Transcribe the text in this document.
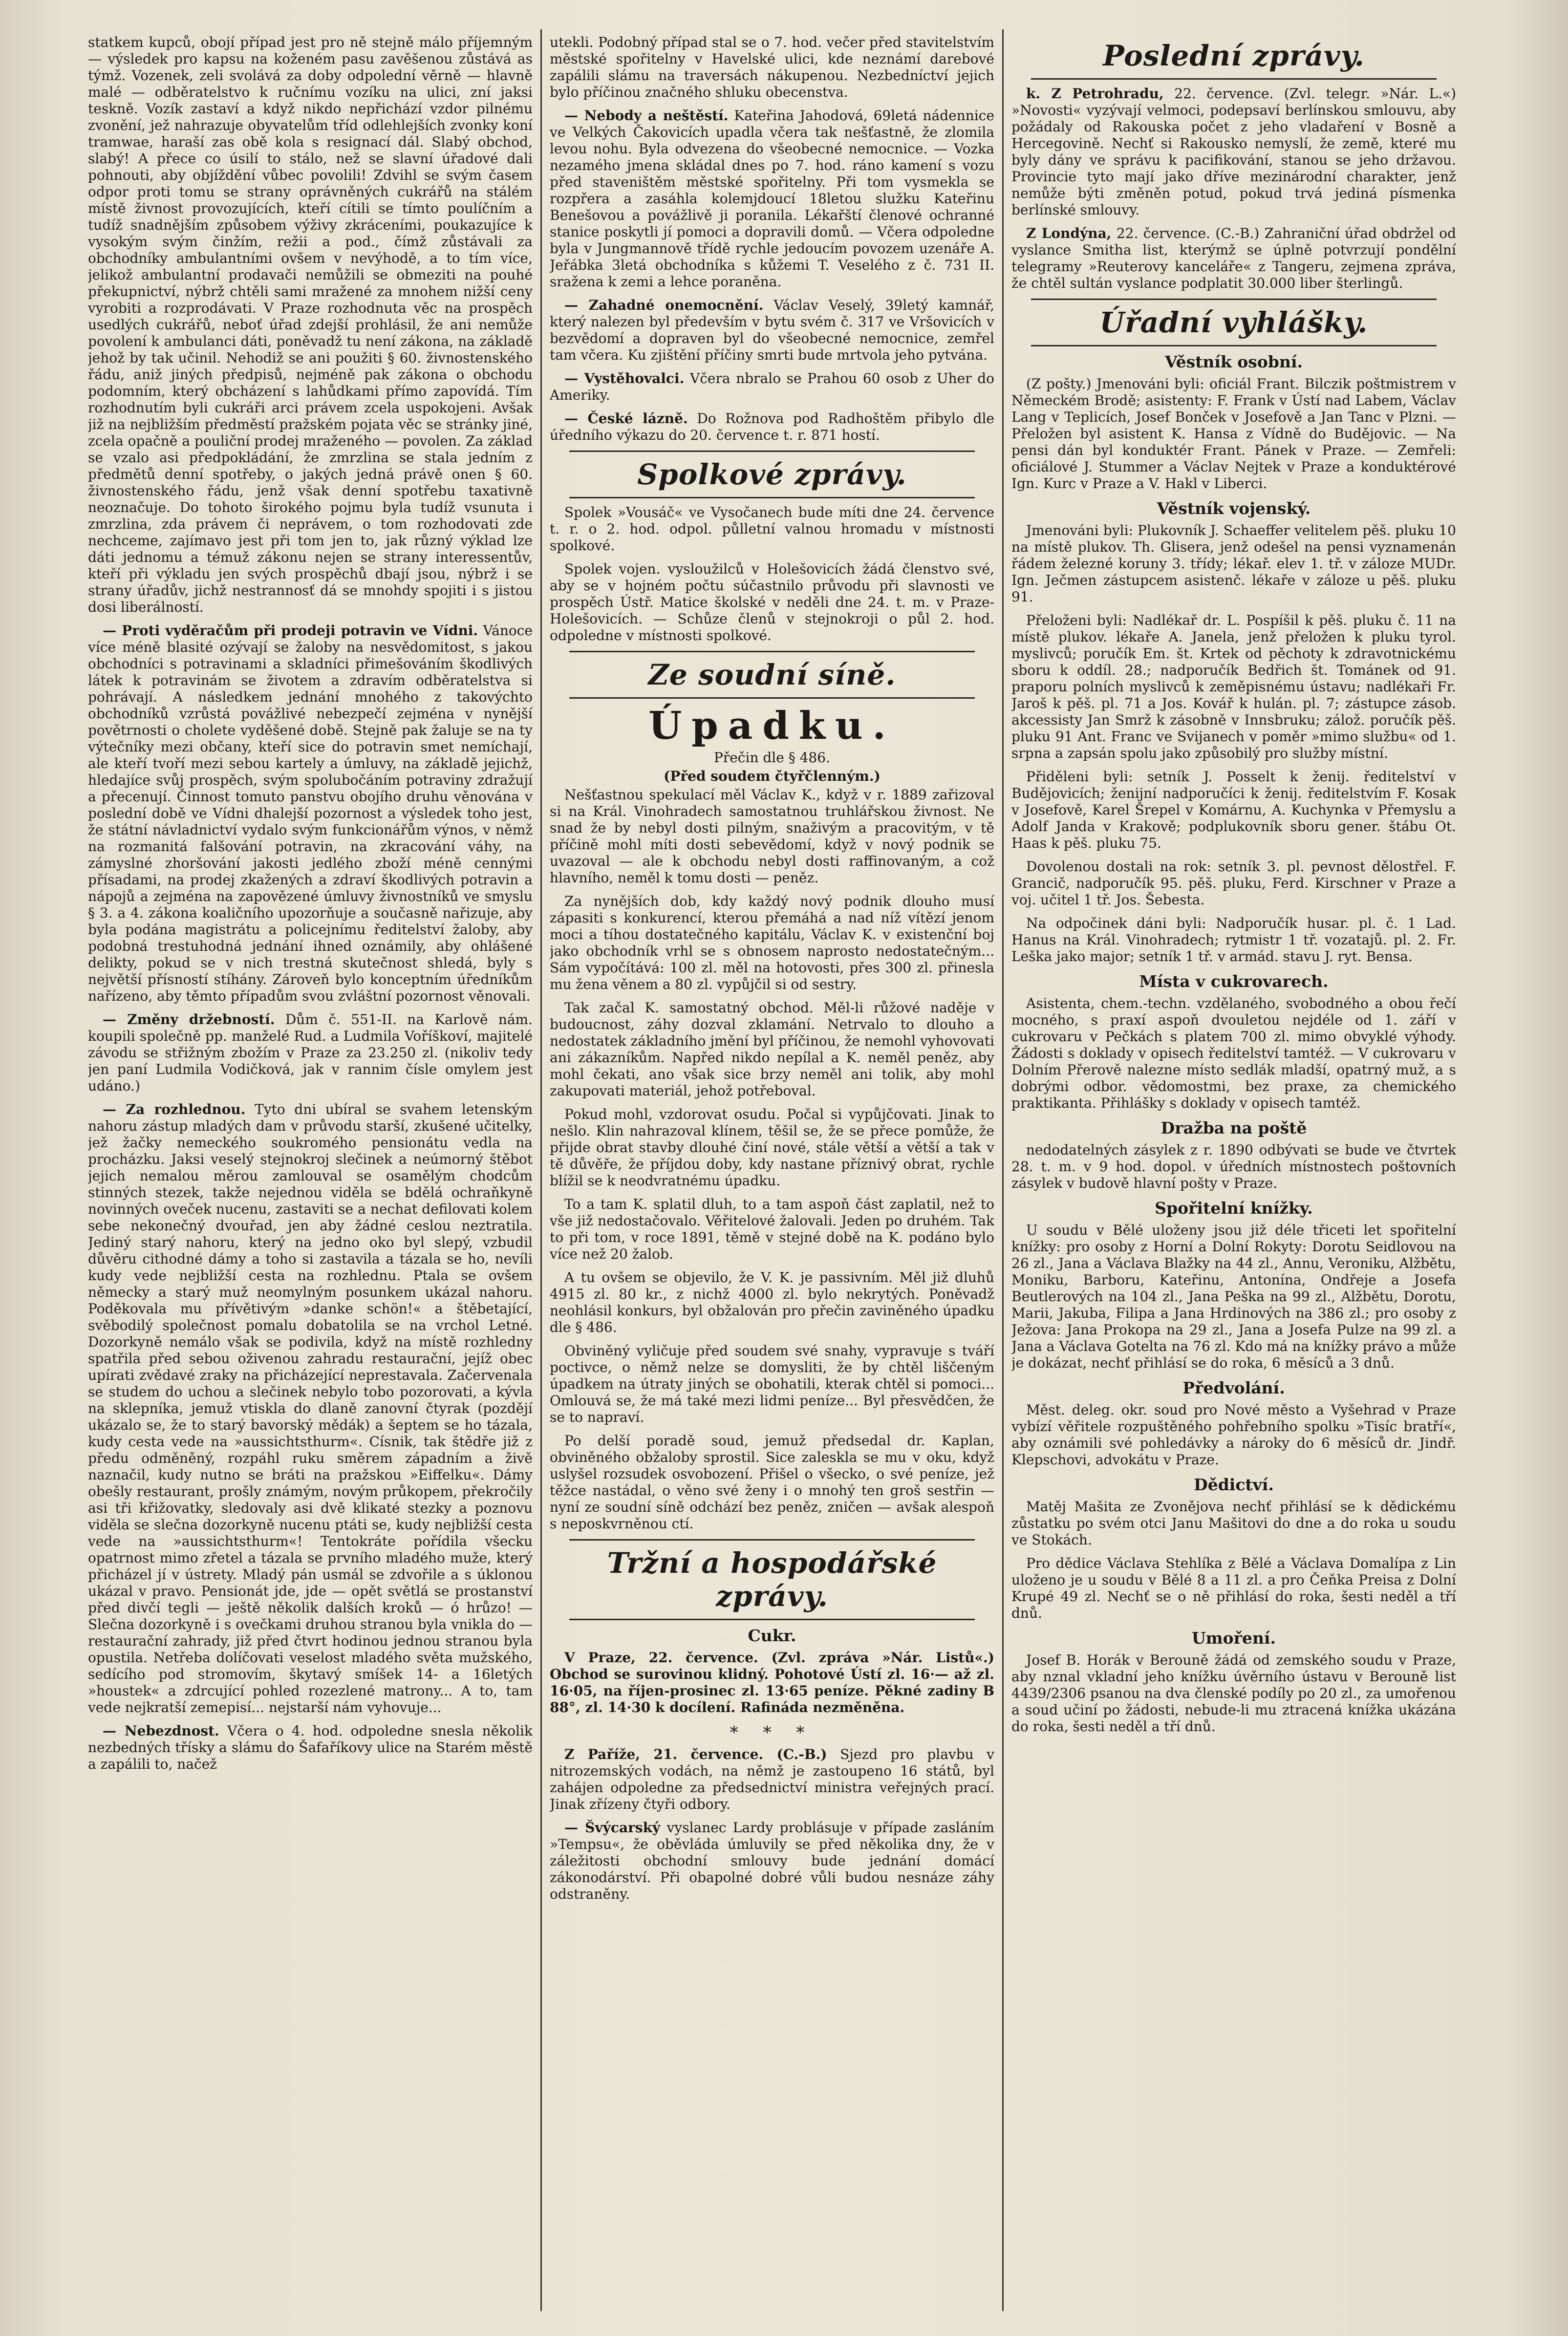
statkem kupců, obojí případ jest pro ně stejně málo příjemným — výsledek pro kapsu na koženém pasu zavěšenou zůstává as týmž. Vozenek, zeli svolává za doby odpolední věrně — hlavně malé — odběratelstvo k ručnímu vozíku na ulici, zní jaksi teskně. Vozík zastaví a když nikdo nepřichází vzdor pilnému zvonění, jež nahrazuje obyvatelům tříd odlehlejších zvonky koní tramwae, haraší zas obě kola s resignací dál. Slabý obchod, slabý! A přece co úsilí to stálo, než se slavní úřadové dali pohnouti, aby objíždění vůbec povolili! Zdvihl se svým časem odpor proti tomu se strany oprávněných cukrářů na stálém místě živnost provozujících, kteří cítili se tímto poulíčním a tudíž snadnějším způsobem výživy zkráceními, poukazujíce k vysokým svým činžím, režii a pod., čímž zůstávali za obchodníky ambulantními ovšem v nevýhodě, a to tím více, jelikož ambulantní prodavači nemůžili se obmeziti na pouhé překupnictví, nýbrž chtěli sami mražené za mnohem nižší ceny vyrobiti a rozprodávati. V Praze rozhodnuta věc na prospěch usedlých cukrářů, neboť úřad zdejší prohlásil, že ani nemůže povolení k ambulanci dáti, poněvadž tu není zákona, na základě jehož by tak učinil. Nehodiž se ani použiti § 60. živnostenského řádu, aniž jiných předpisů, nejméně pak zákona o obchodu podomním, který obcházení s lahůdkami přímo zapovídá. Tím rozhodnutím byli cukráři arci právem zcela uspokojeni. Avšak již na nejbližším předměstí pražském pojata věc se stránky jiné, zcela opačně a pouliční prodej mraženého — povolen. Za základ se vzalo asi předpokládání, že zmrzlina se stala jedním z předmětů denní spotřeby, o jakých jedná právě onen § 60. živnostenského řádu, jenž však denní spotřebu taxativně neoznačuje. Do tohoto širokého pojmu byla tudíž vsunuta i zmrzlina, zda právem či neprávem, o tom rozhodovati zde nechceme, zajímavo jest při tom jen to, jak různý výklad lze dáti jednomu a témuž zákonu nejen se strany interessentův, kteří při výkladu jen svých prospěchů dbají jsou, nýbrž i se strany úřadův, jichž nestrannosť dá se mnohdy spojiti i s jistou dosi liberálností.

— Proti vyděračům při prodeji potravin ve Vídni. Vánoce více méně blasité ozývají se žaloby na nesvědomitost, s jakou obchodníci s potravinami a skladníci přimešováním škodlivých látek k potravinám se životem a zdravím odběratelstva si pohrávají. A následkem jednání mnohého z takovýchto obchodníků vzrůstá povážlivé nebezpečí zejména v nynější povětrnosti o cholete vyděšené době. Stejně pak žaluje se na ty výtečníky mezi občany, kteří sice do potravin smet nemíchají, ale kteří tvoří mezi sebou kartely a úmluvy, na základě jejichž, hledajíce svůj prospěch, svým spolubočáním potraviny zdražují a přecenují. Činnost tomuto panstvu obojího druhu věnována v poslední době ve Vídni dhalejší pozornost a výsledek toho jest, že státní návladnictví vydalo svým funkcionářům výnos, v němž na rozmanitá falšování potravin, na zkracování váhy, na zámyslné zhoršování jakosti jedlého zboží méně cennými přísadami, na prodej zkažených a zdraví škodlivých potravin a nápojů a zejména na zapovězené úmluvy živnostníků ve smyslu § 3. a 4. zákona koaličního upozorňuje a současně nařizuje, aby byla podána magistrátu a policejnímu ředitelství žaloby, aby podobná trestuhodná jednání ihned oznámily, aby ohlášené delikty, pokud se v nich trestná skutečnost shledá, byly s největší přísností stíhány. Zároveň bylo konceptním úředníkům nařízeno, aby těmto případům svou zvláštní pozornost věnovali.

— Změny držebností. Dům č. 551-II. na Karlově nám. koupili společně pp. manželé Rud. a Ludmila Voříškoví, majitelé závodu se střižným zbožím v Praze za 23.250 zl. (nikoliv tedy jen paní Ludmila Vodičková, jak v rannim čísle omylem jest udáno.)

— Za rozhlednou. Tyto dni ubíral se svahem letenským nahoru zástup mladých dam v průvodu starší, zkušené učitelky, jež žačky nemeckého soukromého pensionátu vedla na procházku. Jaksi veselý stejnokroj slečinek a neúmorný štěbot jejich nemalou měrou zamlouval se osamělým chodcům stinných stezek, takže nejednou vidělа se bdělá ochraňkyně novinných oveček nucenu, zastaviti se a nechat defilovati kolem sebe nekonečný dvouřad, jen aby žádné ceslou neztratila. Jediný starý nahoru, který na jedno oko byl slepý, vzbudil důvěru cithodné dámy a toho si zastavila a tázala se ho, nevíli kudy vede nejbližší cesta na rozhlednu. Ptala se ovšem německy a starý muž neomylným posunkem ukázal nahoru. Poděkovala mu přívětivým »danke schön!« a štěbetající, svěbodilý společnost pomalu dobatolila se na vrchol Letné. Dozorkyně nemálo však se podivila, když na místě rozhledny spatřila před sebou oživenou zahradu restaurační, jejíž obec upírati zvědavé zraky na přicházející neprestavala. Začervenala se studem do uchou a slečinek nebylo tobo pozorovati, a kývla na sklepníka, jemuž vtiskla do dlaně zanovní čtyrak (pozdějí ukázalo se, že to starý bavorský mědák) a šeptem se ho tázala, kudy cesta vede na »aussichtsthurm«. Císnik, tak štědře již z předu odměněný, rozpáhl ruku směrem západním a živě naznačil, kudy nutno se bráti na pražskou »Eiffelku«. Dámy obešly restaurant, prošly známým, novým průkopem, překročily asi tři křižovatky, sledovaly asi dvě klikaté stezky a poznovu viděla se slečna dozorkyně nucenu ptáti se, kudy nejbližší cesta vede na »aussichtsthurm«! Tentokráte pořídila všecku opatrnost mimo zřetel a tázala se prvního mladého muže, který přicházel jí v ústrety. Mladý pán usmál se zdvořile a s úklonou ukázal v pravo. Pensionát jde, jde — opět světlá se prostanství před divčí tegli — ještě několik dalších kroků — ó hrůzo! — Slečna dozorkyně i s ovečkami druhou stranou byla vnikla do — restaurační zahrady, již před čtvrt hodinou jednou stranou byla opustila. Netřeba dolíčovati veselost mladého světa mužského, sedícího pod stromovím, škytavý smíšek 14- a 16letých »houstek« a zdrcující pohled rozezlené matrony... A to, tam vede nejkratší zemepisí... nejstarší nám vyhovuje...

— Nebezdnost. Včera o 4. hod. odpoledne snesla několik nezbedných třísky a slámu do Šafaříkovy ulice na Starém městě a zapálili to, načež

utekli. Podobný případ stal se o 7. hod. večer před stavitelstvím městské spořitelny v Havelské ulici, kde neznámí darebové zapálili slámu na traversách nákupenou. Nezbedníctví jejich bylo příčinou značného shluku obecenstva.

— Nebody a neštěstí. Kateřina Jahodová, 69letá nádennice ve Velkých Čakovicích upadla včera tak nešťastně, že zlomila levou nohu. Byla odvezena do všeobecné nemocnice. — Vozka nezamého jmena skládal dnes po 7. hod. ráno kamení s vozu před staveništěm městské spořitelny. Při tom vysmekla se rozpřera a zasáhla kolemjdoucí 18letou služku Kateřinu Benešovou a povážlivě ji poranila. Lékařští členové ochranné stanice poskytli jí pomoci a dopravili domů. — Včera odpoledne byla v Jungmannově třídě rychle jedoucím povozem uzenáře A. Jeřábka 3letá obchodníka s kůžemi T. Veselého z č. 731 II. sražena k zemi a lehce poraněna.

— Zahadné onemocnění. Václav Veselý, 39letý kamnář, který nalezen byl především v bytu svém č. 317 ve Vršovicích v bezvědomí a dopraven byl do všeobecné nemocnice, zemřel tam včera. Ku zjištění příčiny smrti bude mrtvola jeho pytvána.

— Vystěhovalci. Včera nbralo se Prahou 60 osob z Uher do Ameriky.

— České lázně. Do Rožnova pod Radhoštěm přibylo dle úředního výkazu do 20. července t. r. 871 hostí.

Spolkové zprávy.

Spolek »Vousáč« ve Vysočanech bude míti dne 24. července t. r. o 2. hod. odpol. půlletní valnou hromadu v místnosti spolkové.

Spolek vojen. vysloužilců v Holešovicích žádá členstvo své, aby se v hojném počtu súčastnilo průvodu při slavnosti ve prospěch Ústř. Matice školské v neděli dne 24. t. m. v Praze-Holešovicích. — Schůze členů v stejnokroji o půl 2. hod. odpoledne v místnosti spolkové.

Ze soudní síně.
Úpadku.

Přečin dle § 486.

(Před soudem čtyřčlenným.)

Nešťastnou spekulací měl Václav K., když v r. 1889 zařizoval si na Král. Vinohradech samostatnou truhlářskou živnost. Ne snad že by nebyl dosti pilným, snaživým a pracovitým, v tě příčině mohl míti dosti sebevědomí, když v nový podnik se uvazoval — ale k obchodu nebyl dosti raffinovaným, a což hlavního, neměl k tomu dosti — peněz.

Za nynějších dob, kdy každý nový podnik dlouho musí zápasiti s konkurencí, kterou přemáhá a nad níž vítězí jenom moci a tíhou dostatečného kapitálu, Václav K. v existenční boj jako obchodník vrhl se s obnosem naprosto nedostatečným... Sám vypočítává: 100 zl. měl na hotovosti, přes 300 zl. přinesla mu žena věnem a 80 zl. vypůjčil si od sestry.

Tak začal K. samostatný obchod. Měl-li růžové naděje v budoucnost, záhy dozval zklamání. Netrvalo to dlouho a nedostatek základního jmění byl příčinou, že nemohl vyhovovati ani zákazníkům. Napřed nikdo nepílal a K. neměl peněz, aby mohl čekati, ano však sice brzy neměl ani tolik, aby mohl zakupovati materiál, jehož potřeboval.

Pokud mohl, vzdorovat osudu. Počal si vypůjčovati. Jinak to nešlo. Klin nahrazoval klínem, těšil se, že se přece pomůže, že přijde obrat stavby dlouhé činí nové, stále větší a větší a tak v tě důvěře, že příjdou doby, kdy nastane příznivý obrat, rychle blížil se k neodvratnému úpadku.

To a tam K. splatil dluh, to a tam aspoň část zaplatil, než to vše již nedostačovalo. Věřitelové žalovali. Jeden po druhém. Tak to při tom, v roce 1891, těmě v stejné době na K. podáno bylo více než 20 žalob.

A tu ovšem se objevilo, že V. K. je passivním. Měl již dluhů 4915 zl. 80 kr., z nichž 4000 zl. bylo nekrytých. Poněvadž neohlásil konkurs, byl obžalován pro přečin zaviněného úpadku dle § 486.

Obviněný vyličuje před soudem své snahy, vypravuje s tváří poctivce, o němž nelze se domysliti, že by chtěl liščeným úpadkem na útraty jiných se obohatili, kterak chtěl si pomoci... Omlouvá se, že má také mezi lidmi peníze... Byl přesvědčen, že se to napraví.

Po delší poradě soud, jemuž předsedal dr. Kaplan, obviněného obžaloby sprostil. Sice zaleskla se mu v oku, když uslyšel rozsudek osvobození. Přišel o všecko, o své peníze, jež těžce nastádal, o věno své ženy i o mnohý ten groš sestřin — nyní ze soudní síně odchází bez peněz, zničen — avšak alespoň s neposkvrněnou ctí.

Tržní a hospodářské zprávy.
Cukr.

V Praze, 22. července. (Zvl. zpráva »Nár. Listů«.) Obchod se surovinou klidný. Pohotové Ústí zl. 16·— až zl. 16·05, na říjen-prosinec zl. 13·65 peníze. Pěkné zadiny B 88°, zl. 14·30 k docílení. Rafináda nezměněna.

* * *

Z Paříže, 21. července. (C.-B.) Sjezd pro plavbu v nitrozemských vodách, na němž je zastoupeno 16 států, byl zahájen odpoledne za předsednictví ministra veřejných prací. Jinak zřízeny čtyři odbory.

— Švýcarský vyslanec Lardy problásuje v případe zasláním »Tempsu«, že oběvláda úmluvily se před několika dny, že v záležitosti obchodní smlouvy bude jednání domácí zákonodárství. Při obapolné dobré vůli budou nesnáze záhy odstraněny.

Poslední zprávy.

k. Z Petrohradu, 22. července. (Zvl. telegr. »Nár. L.«) »Novosti« vyzývají velmoci, podepsaví berlínskou smlouvu, aby požádaly od Rakouska počet z jeho vladaření v Bosně a Hercegovině. Nechť si Rakousko nemyslí, že země, které mu byly dány ve správu k pacifikování, stanou se jeho državou. Provincie tyto mají jako dříve mezinárodní charakter, jenž nemůže býti změněn potud, pokud trvá jediná písmenka berlínské smlouvy.

Z Londýna, 22. července. (C.-B.) Zahraniční úřad obdržel od vyslance Smitha list, kterýmž se úplně potvrzují pondělní telegramy »Reuterovy kanceláře« z Tangeru, zejmena zpráva, že chtěl sultán vyslance podplatit 30.000 liber šterlingů.

Úřadní vyhlášky.
Věstník osobní.

(Z pošty.) Jmenováni byli: oficiál Frant. Bilczik poštmistrem v Německém Brodě; asistenty: F. Frank v Ústí nad Labem, Václav Lang v Teplicích, Josef Bonček v Josefově a Jan Tanc v Plzni. — Přeložen byl asistent K. Hansa z Vídně do Budějovic. — Na pensi dán byl konduktér Frant. Pánek v Praze. — Zemřeli: oficiálové J. Stummer a Václav Nejtek v Praze a konduktérové Ign. Kurc v Praze a V. Hakl v Liberci.

Věstník vojenský.

Jmenováni byli: Plukovník J. Schaeffer velitelem pěš. pluku 10 na místě plukov. Th. Glisera, jenž odešel na pensi vyznamenán řádem železné koruny 3. třídy; lékař. elev 1. tř. v záloze MUDr. Ign. Ječmen zástupcem asistenč. lékaře v záloze u pěš. pluku 91.

Přeloženi byli: Nadlékař dr. L. Pospíšil k pěš. pluku č. 11 na místě plukov. lékaře A. Janela, jenž přeložen k pluku tyrol. myslivců; poručík Em. št. Krtek od pěchoty k zdravotnickému sboru k oddíl. 28.; nadporučík Bedřich št. Tománek od 91. praporu polních myslivců k zeměpisnému ústavu; nadlékaři Fr. Jaroš k pěš. pl. 71 a Jos. Kovář k hulán. pl. 7; zástupce zásob. akcessisty Jan Smrž k zásobně v Innsbruku; zálož. poručík pěš. pluku 91 Ant. Franc ve Svijanech v poměr »mimo službu« od 1. srpna a zapsán spolu jako způsobilý pro služby místní.

Přiděleni byli: setník J. Posselt k ženij. ředitelství v Budějovicích; ženijní nadporučíci k ženij. ředitelstvím F. Kosak v Josefově, Karel Šrepel v Komárnu, A. Kuchynka v Přemyslu a Adolf Janda v Krakově; podplukovník sboru gener. štábu Ot. Haas k pěš. pluku 75.

Dovolenou dostali na rok: setník 3. pl. pevnost dělostřel. F. Grancič, nadporučík 95. pěš. pluku, Ferd. Kirschner v Praze a voj. učitel 1 tř. Jos. Šebesta.

Na odpočinek dáni byli: Nadporučík husar. pl. č. 1 Lad. Hanus na Král. Vinohradech; rytmistr 1 tř. vozatajů. pl. 2. Fr. Leška jako major; setník 1 tř. v armád. stavu J. ryt. Bensa.

Místa v cukrovarech.

Asistenta, chem.-techn. vzdělaného, svobodného a obou řečí mocného, s praxí aspoň dvouletou nejdéle od 1. září v cukrovaru v Pečkách s platem 700 zl. mimo obvyklé výhody. Žádosti s doklady v opisech ředitelství tamtéž. — V cukrovaru v Dolním Přerově nalezne místo sedlák mladší, opatrný muž, a s dobrými odbor. vědomostmi, bez praxe, za chemického praktikanta. Přihlášky s doklady v opisech tamtéž.

Dražba na poště

nedodatelných zásylek z r. 1890 odbývati se bude ve čtvrtek 28. t. m. v 9 hod. dopol. v úředních místnostech poštovních zásylek v budově hlavní pošty v Praze.

Spořitelní knížky.

U soudu v Bělé uloženy jsou již déle třiceti let spořitelní knížky: pro osoby z Horní a Dolní Rokyty: Dorotu Seidlovou na 26 zl., Jana a Václava Blažky na 44 zl., Annu, Veroniku, Alžbětu, Moniku, Barboru, Kateřinu, Antonína, Ondřeje a Josefa Beutlerových na 104 zl., Jana Peška na 99 zl., Alžbětu, Dorotu, Marii, Jakuba, Filipa a Jana Hrdinových na 386 zl.; pro osoby z Ježova: Jana Prokopa na 29 zl., Jana a Josefa Pulze na 99 zl. a Jana a Václava Gotelta na 76 zl. Kdo má na knížky právo a může je dokázat, nechť přihlásí se do roka, 6 měsíců a 3 dnů.

Předvolání.

Měst. deleg. okr. soud pro Nové město a Vyšehrad v Praze vybízí věřitele rozpuštěného pohřebního spolku »Tisíc bratří«, aby oznámili své pohledávky a nároky do 6 měsíců dr. Jindř. Klepschovi, advokátu v Praze.

Dědictví.

Matěj Mašita ze Zvonějova nechť přihlásí se k dědickému zůstatku po svém otci Janu Mašitovi do dne a do roka u soudu ve Stokách.

Pro dědice Václava Stehlíka z Bělé a Václava Domalípa z Lin uloženo je u soudu v Bělé 8 a 11 zl. a pro Čeňka Preisa z Dolní Krupé 49 zl. Nechť se o ně přihlásí do roka, šesti neděl a tří dnů.

Umoření.

Josef B. Horák v Berouně žádá od zemského soudu v Praze, aby nznal vkladní jeho knížku úvěrního ústavu v Berouně list 4439/2306 psanou na dva členské podíly po 20 zl., za umořenou a soud učiní po žádosti, nebude-li mu ztracená knížka ukázána do roka, šesti neděl a tří dnů.
